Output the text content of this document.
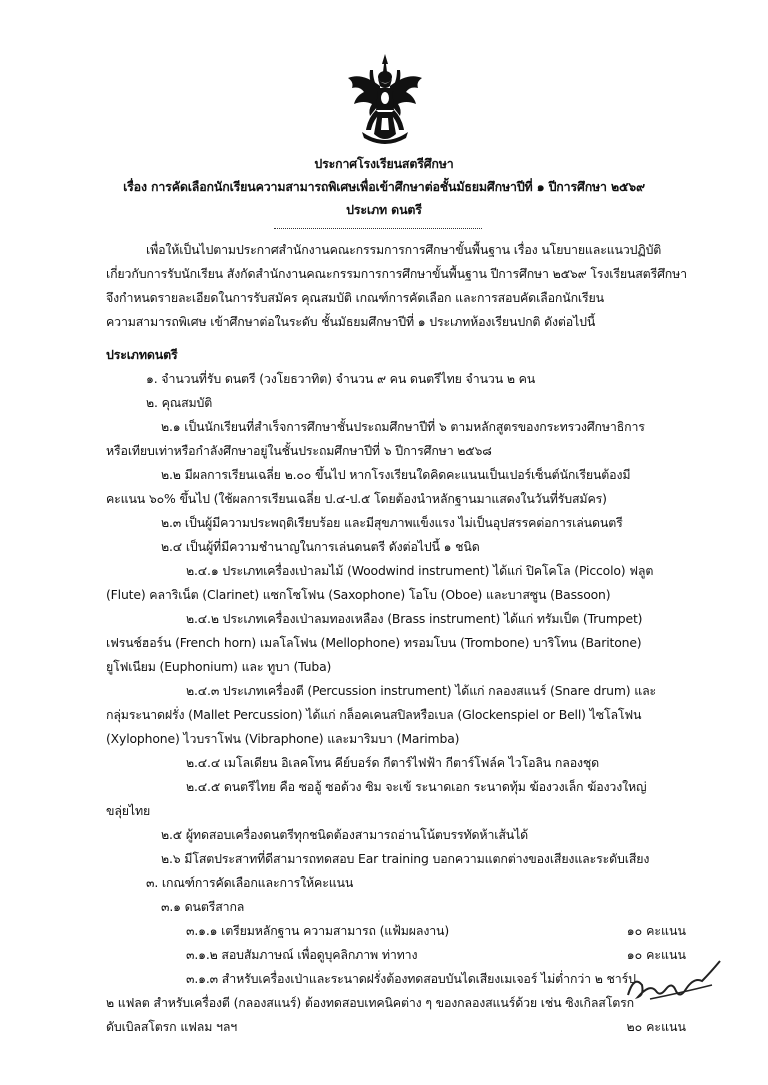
ประกาศโรงเรียนสตรีศึกษา
เรื่อง การคัดเลือกนักเรียนความสามารถพิเศษเพื่อเข้าศึกษาต่อชั้นมัธยมศึกษาปีที่ ๑ ปีการศึกษา ๒๕๖๙
ประเภท ดนตรี
เพื่อให้เป็นไปตามประกาศสำนักงานคณะกรรมการการศึกษาขั้นพื้นฐาน เรื่อง นโยบายและแนวปฏิบัติ
เกี่ยวกับการรับนักเรียน สังกัดสำนักงานคณะกรรมการการศึกษาขั้นพื้นฐาน ปีการศึกษา ๒๕๖๙ โรงเรียนสตรีศึกษา
จึงกำหนดรายละเอียดในการรับสมัคร คุณสมบัติ เกณฑ์การคัดเลือก และการสอบคัดเลือกนักเรียน
ความสามารถพิเศษ เข้าศึกษาต่อในระดับ ชั้นมัธยมศึกษาปีที่ ๑ ประเภทห้องเรียนปกติ ดังต่อไปนี้
ประเภทดนตรี
๑. จำนวนที่รับ ดนตรี (วงโยธวาทิต) จำนวน ๙ คน ดนตรีไทย จำนวน ๒ คน
๒. คุณสมบัติ
๒.๑ เป็นนักเรียนที่สำเร็จการศึกษาชั้นประถมศึกษาปีที่ ๖ ตามหลักสูตรของกระทรวงศึกษาธิการ
หรือเทียบเท่าหรือกำลังศึกษาอยู่ในชั้นประถมศึกษาปีที่ ๖ ปีการศึกษา ๒๕๖๘
๒.๒ มีผลการเรียนเฉลี่ย ๒.๐๐ ขึ้นไป หากโรงเรียนใดคิดคะแนนเป็นเปอร์เซ็นต์นักเรียนต้องมี
คะแนน ๖๐% ขึ้นไป (ใช้ผลการเรียนเฉลี่ย ป.๔-ป.๕ โดยต้องนำหลักฐานมาแสดงในวันที่รับสมัคร)
๒.๓ เป็นผู้มีความประพฤติเรียบร้อย และมีสุขภาพแข็งแรง ไม่เป็นอุปสรรคต่อการเล่นดนตรี
๒.๔ เป็นผู้ที่มีความชำนาญในการเล่นดนตรี ดังต่อไปนี้ ๑ ชนิด
๒.๔.๑ ประเภทเครื่องเป่าลมไม้ (Woodwind instrument) ได้แก่ ปิคโคโล (Piccolo) ฟลูต
(Flute) คลาริเน็ต (Clarinet) แซกโซโฟน (Saxophone) โอโบ (Oboe) และบาสซูน (Bassoon)
๒.๔.๒ ประเภทเครื่องเป่าลมทองเหลือง (Brass instrument) ได้แก่ ทรัมเป็ต (Trumpet)
เฟรนช์ฮอร์น (French horn) เมลโลโฟน (Mellophone) ทรอมโบน (Trombone) บาริโทน (Baritone)
ยูโฟเนียม (Euphonium) และ ทูบา (Tuba)
๒.๔.๓ ประเภทเครื่องตี (Percussion instrument) ได้แก่ กลองสแนร์ (Snare drum) และ
กลุ่มระนาดฝรั่ง (Mallet Percussion) ได้แก่ กล็อคเคนสปิลหรือเบล (Glockenspiel or Bell) ไซโลโฟน
(Xylophone) ไวบราโฟน (Vibraphone) และมาริมบา (Marimba)
๒.๔.๔ เมโลเดียน อิเลคโทน คีย์บอร์ด กีตาร์ไฟฟ้า กีตาร์โฟล์ค ไวโอลิน กลองชุด
๒.๔.๕ ดนตรีไทย คือ ซออู้ ซอด้วง ซิม จะเข้ ระนาดเอก ระนาดทุ้ม ฆ้องวงเล็ก ฆ้องวงใหญ่
ขลุ่ยไทย
๒.๕ ผู้ทดสอบเครื่องดนตรีทุกชนิดต้องสามารถอ่านโน้ตบรรทัดห้าเส้นได้
๒.๖ มีโสตประสาทที่ดีสามารถทดสอบ Ear training บอกความแตกต่างของเสียงและระดับเสียง
๓. เกณฑ์การคัดเลือกและการให้คะแนน
๓.๑ ดนตรีสากล
๓.๑.๑ เตรียมหลักฐาน ความสามารถ (แฟ้มผลงาน)	๑๐ คะแนน
๓.๑.๒ สอบสัมภาษณ์ เพื่อดูบุคลิกภาพ ท่าทาง	๑๐ คะแนน
๓.๑.๓ สำหรับเครื่องเป่าและระนาดฝรั่งต้องทดสอบบันไดเสียงเมเจอร์ ไม่ต่ำกว่า ๒ ชาร์ป
๒ แฟลต สำหรับเครื่องตี (กลองสแนร์) ต้องทดสอบเทคนิคต่าง ๆ ของกลองสแนร์ด้วย เช่น ซิงเกิลสโตรก
ดับเบิลสโตรก แฟลม ฯลฯ	๒๐ คะแนน
